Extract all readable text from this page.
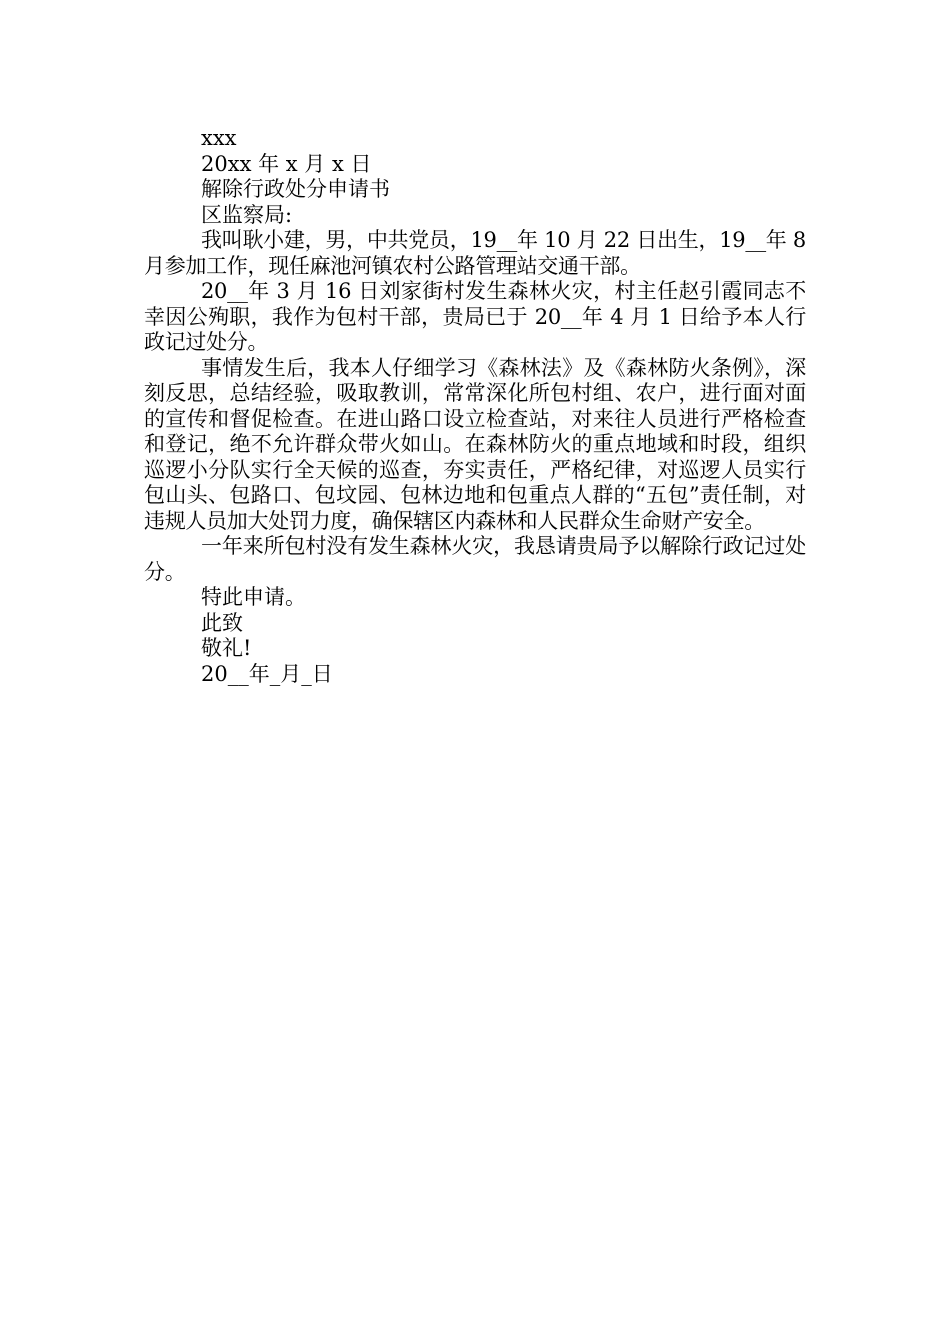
xxx

20xx 年 x 月 x 日

解除行政处分申请书

区监察局:

我叫耿小建，男，中共党员，19__年 10 月 22 日出生，19__年 8 月参加工作，现任麻池河镇农村公路管理站交通干部。

20__年 3 月 16 日刘家街村发生森林火灾，村主任赵引霞同志不幸因公殉职，我作为包村干部，贵局已于 20__年 4 月 1 日给予本人行政记过处分。

事情发生后，我本人仔细学习《森林法》及《森林防火条例》，深刻反思，总结经验，吸取教训，常常深化所包村组、农户，进行面对面的宣传和督促检查。在进山路口设立检查站，对来往人员进行严格检查和登记，绝不允许群众带火如山。在森林防火的重点地域和时段，组织巡逻小分队实行全天候的巡查，夯实责任，严格纪律，对巡逻人员实行包山头、包路口、包坟园、包林边地和包重点人群的“五包”责任制，对违规人员加大处罚力度，确保辖区内森林和人民群众生命财产安全。

一年来所包村没有发生森林火灾，我恳请贵局予以解除行政记过处分。

特此申请。

此致

敬礼!

20__年_月_日
